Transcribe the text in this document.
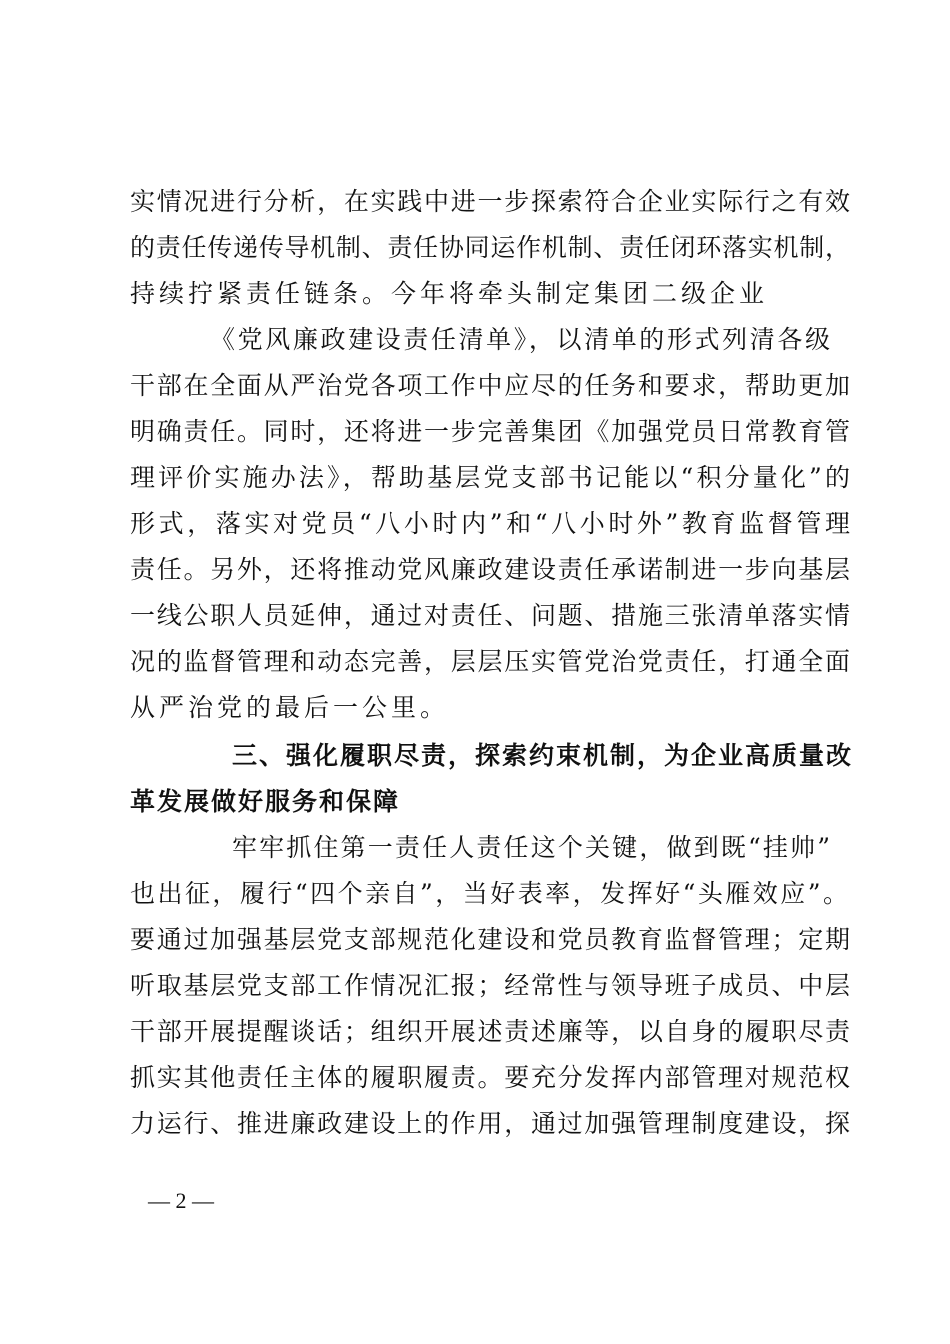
实情况进行分析，在实践中进一步探索符合企业实际行之有效
的责任传递传导机制、责任协同运作机制、责任闭环落实机制，
持续拧紧责任链条。今年将牵头制定集团二级企业
《党风廉政建设责任清单》，以清单的形式列清各级
干部在全面从严治党各项工作中应尽的任务和要求，帮助更加
明确责任。同时，还将进一步完善集团《加强党员日常教育管
理评价实施办法》，帮助基层党支部书记能以“积分量化”的
形式，落实对党员“八小时内”和“八小时外”教育监督管理
责任。另外，还将推动党风廉政建设责任承诺制进一步向基层
一线公职人员延伸，通过对责任、问题、措施三张清单落实情
况的监督管理和动态完善，层层压实管党治党责任，打通全面
从严治党的最后一公里。
三、强化履职尽责，探索约束机制，为企业高质量改
革发展做好服务和保障
牢牢抓住第一责任人责任这个关键，做到既“挂帅”
也出征，履行“四个亲自”，当好表率，发挥好“头雁效应”。
要通过加强基层党支部规范化建设和党员教育监督管理；定期
听取基层党支部工作情况汇报；经常性与领导班子成员、中层
干部开展提醒谈话；组织开展述责述廉等，以自身的履职尽责
抓实其他责任主体的履职履责。要充分发挥内部管理对规范权
力运行、推进廉政建设上的作用，通过加强管理制度建设，探
— 2 —
